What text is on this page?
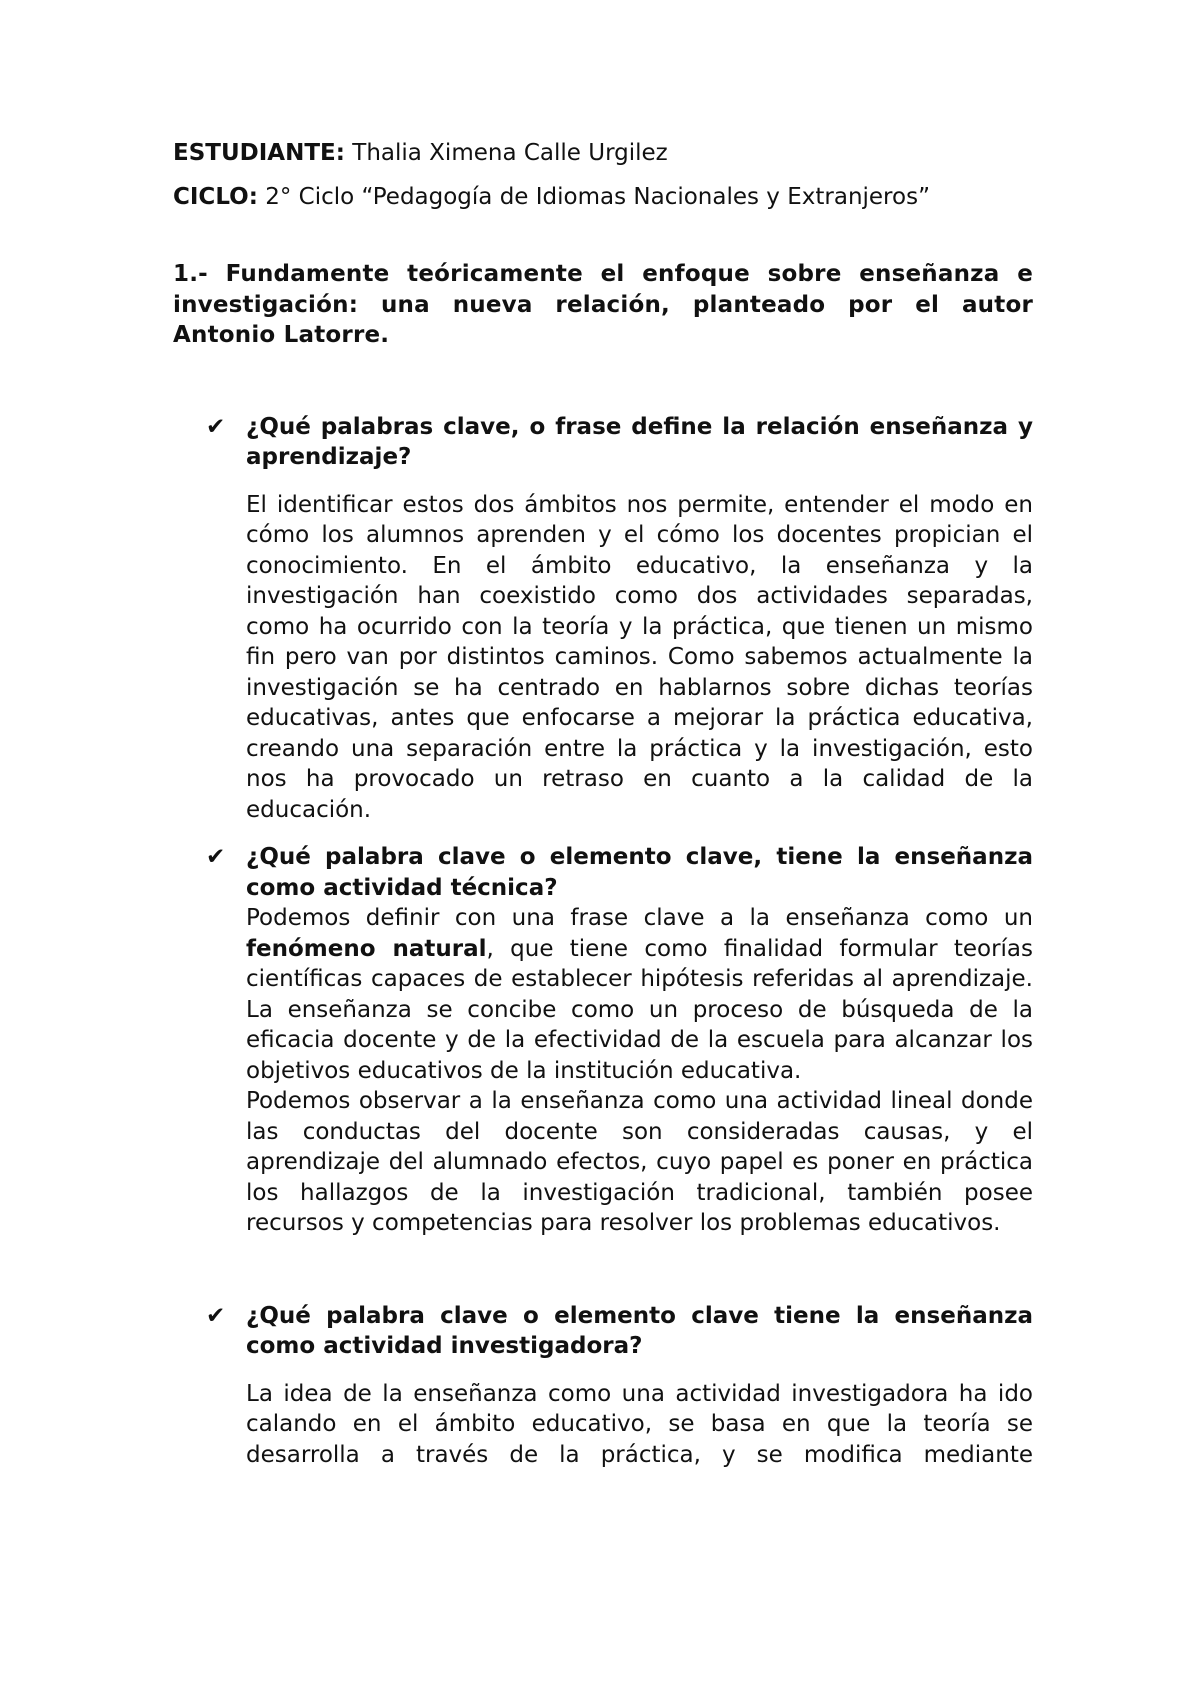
ESTUDIANTE: Thalia Ximena Calle Urgilez

CICLO: 2° Ciclo “Pedagogía de Idiomas Nacionales y Extranjeros”

1.- Fundamente teóricamente el enfoque sobre enseñanza e investigación: una nueva relación, planteado por el autor Antonio Latorre.

✔ ¿Qué palabras clave, o frase define la relación enseñanza y aprendizaje?

El identificar estos dos ámbitos nos permite, entender el modo en cómo los alumnos aprenden y el cómo los docentes propician el conocimiento. En el ámbito educativo, la enseñanza y la investigación han coexistido como dos actividades separadas, como ha ocurrido con la teoría y la práctica, que tienen un mismo fin pero van por distintos caminos. Como sabemos actualmente la investigación se ha centrado en hablarnos sobre dichas teorías educativas, antes que enfocarse a mejorar la práctica educativa, creando una separación entre la práctica y la investigación, esto nos ha provocado un retraso en cuanto a la calidad de la educación.

✔ ¿Qué palabra clave o elemento clave, tiene la enseñanza como actividad técnica?

Podemos definir con una frase clave a la enseñanza como un fenómeno natural, que tiene como finalidad formular teorías científicas capaces de establecer hipótesis referidas al aprendizaje. La enseñanza se concibe como un proceso de búsqueda de la eficacia docente y de la efectividad de la escuela para alcanzar los objetivos educativos de la institución educativa.

Podemos observar a la enseñanza como una actividad lineal donde las conductas del docente son consideradas causas, y el aprendizaje del alumnado efectos, cuyo papel es poner en práctica los hallazgos de la investigación tradicional, también posee recursos y competencias para resolver los problemas educativos.

✔ ¿Qué palabra clave o elemento clave tiene la enseñanza como actividad investigadora?

La idea de la enseñanza como una actividad investigadora ha ido calando en el ámbito educativo, se basa en que la teoría se desarrolla a través de la práctica, y se modifica mediante
